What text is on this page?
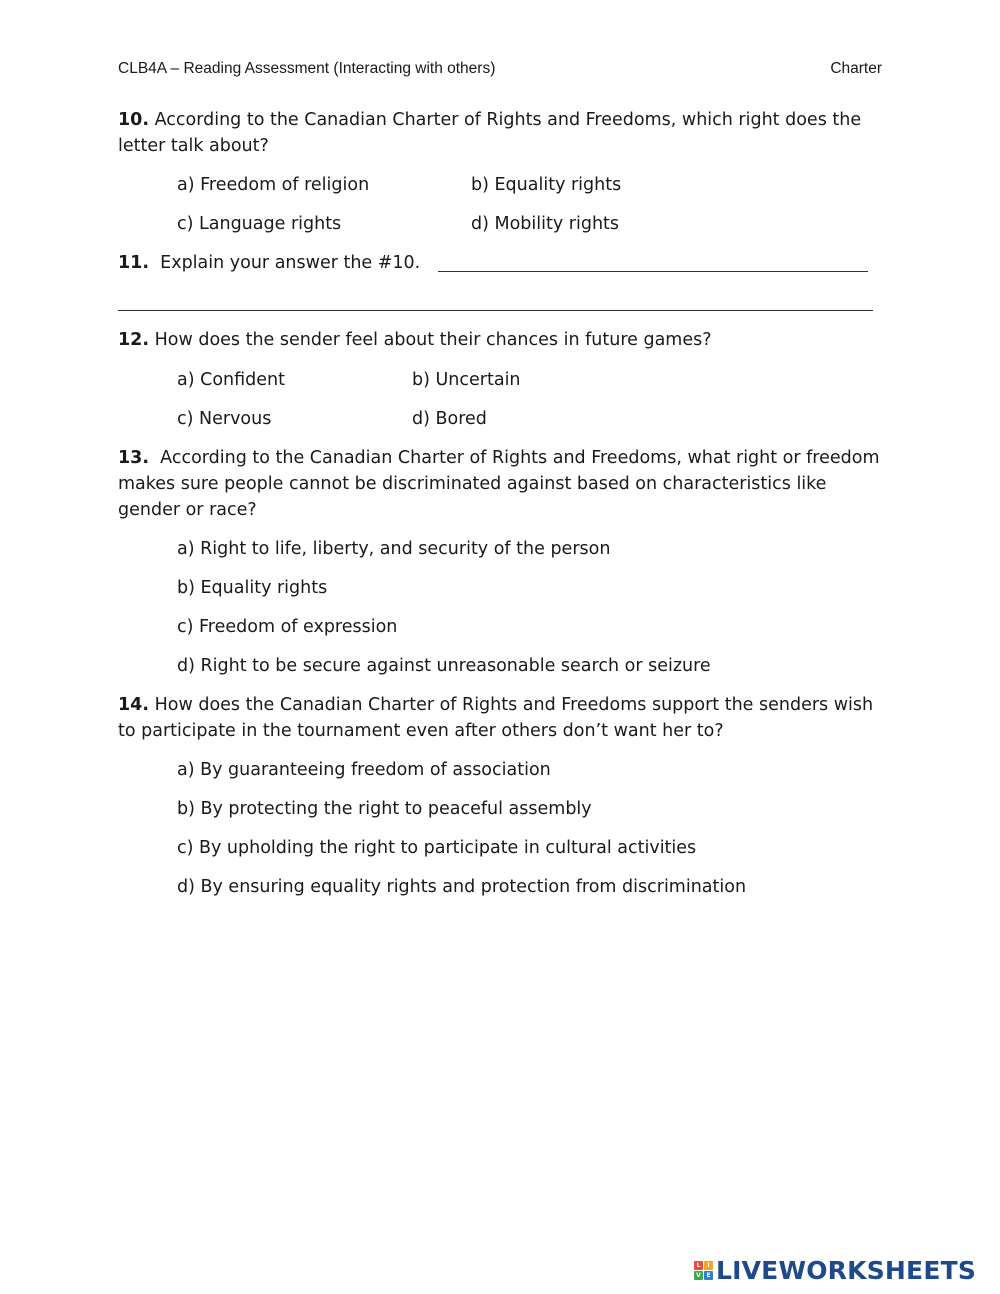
CLB4A – Reading Assessment (Interacting with others)	Charter
10. According to the Canadian Charter of Rights and Freedoms, which right does the letter talk about?
a) Freedom of religion	b) Equality rights
c) Language rights	d) Mobility rights
11. Explain your answer the #10.
12. How does the sender feel about their chances in future games?
a) Confident	b) Uncertain
c) Nervous	d) Bored
13. According to the Canadian Charter of Rights and Freedoms, what right or freedom makes sure people cannot be discriminated against based on characteristics like gender or race?
a) Right to life, liberty, and security of the person
b) Equality rights
c) Freedom of expression
d) Right to be secure against unreasonable search or seizure
14. How does the Canadian Charter of Rights and Freedoms support the senders wish to participate in the tournament even after others don’t want her to?
a) By guaranteeing freedom of association
b) By protecting the right to peaceful assembly
c) By upholding the right to participate in cultural activities
d) By ensuring equality rights and protection from discrimination
L	I
V E LIVEWORKSHEETS
